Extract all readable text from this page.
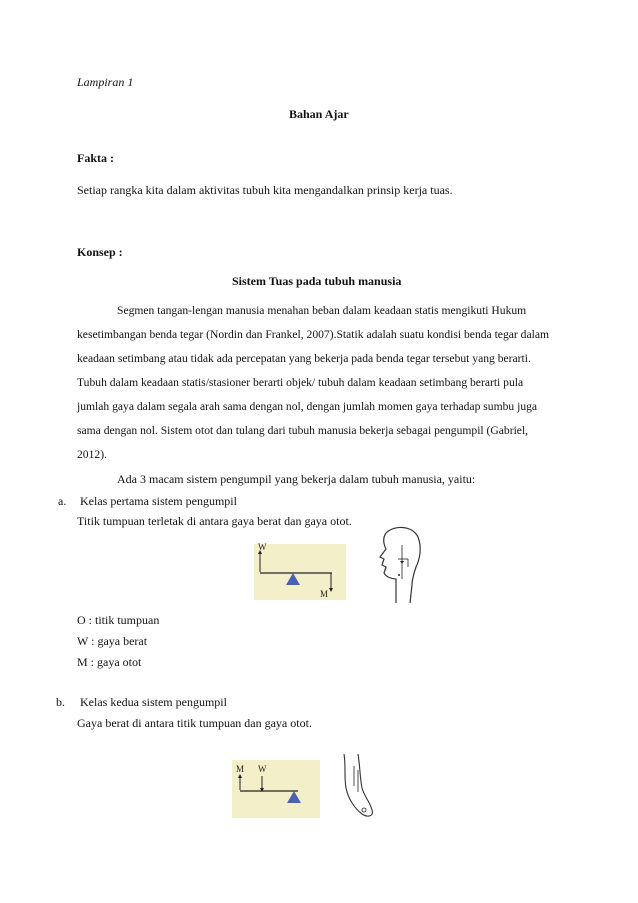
Lampiran 1
Bahan Ajar
Fakta :
Setiap rangka kita dalam aktivitas tubuh kita mengandalkan prinsip kerja tuas.
Konsep :
Sistem Tuas pada tubuh manusia
Segmen tangan-lengan manusia menahan beban dalam keadaan statis mengikuti Hukum
kesetimbangan benda tegar (Nordin dan Frankel, 2007).Statik adalah suatu kondisi benda tegar dalam
keadaan setimbang atau tidak ada percepatan yang bekerja pada benda tegar tersebut yang berarti.
Tubuh dalam keadaan statis/stasioner berarti objek/ tubuh dalam keadaan setimbang berarti pula
jumlah gaya dalam segala arah sama dengan nol, dengan jumlah momen gaya terhadap sumbu juga
sama dengan nol. Sistem otot dan tulang dari tubuh manusia bekerja sebagai pengumpil (Gabriel,
2012).
Ada 3 macam sistem pengumpil yang bekerja dalam tubuh manusia, yaitu:
a. Kelas pertama sistem pengumpil
Titik tumpuan terletak di antara gaya berat dan gaya otot.
W
M
O : titik tumpuan
W : gaya berat
M : gaya otot
b. Kelas kedua sistem pengumpil
Gaya berat di antara titik tumpuan dan gaya otot.
M W
